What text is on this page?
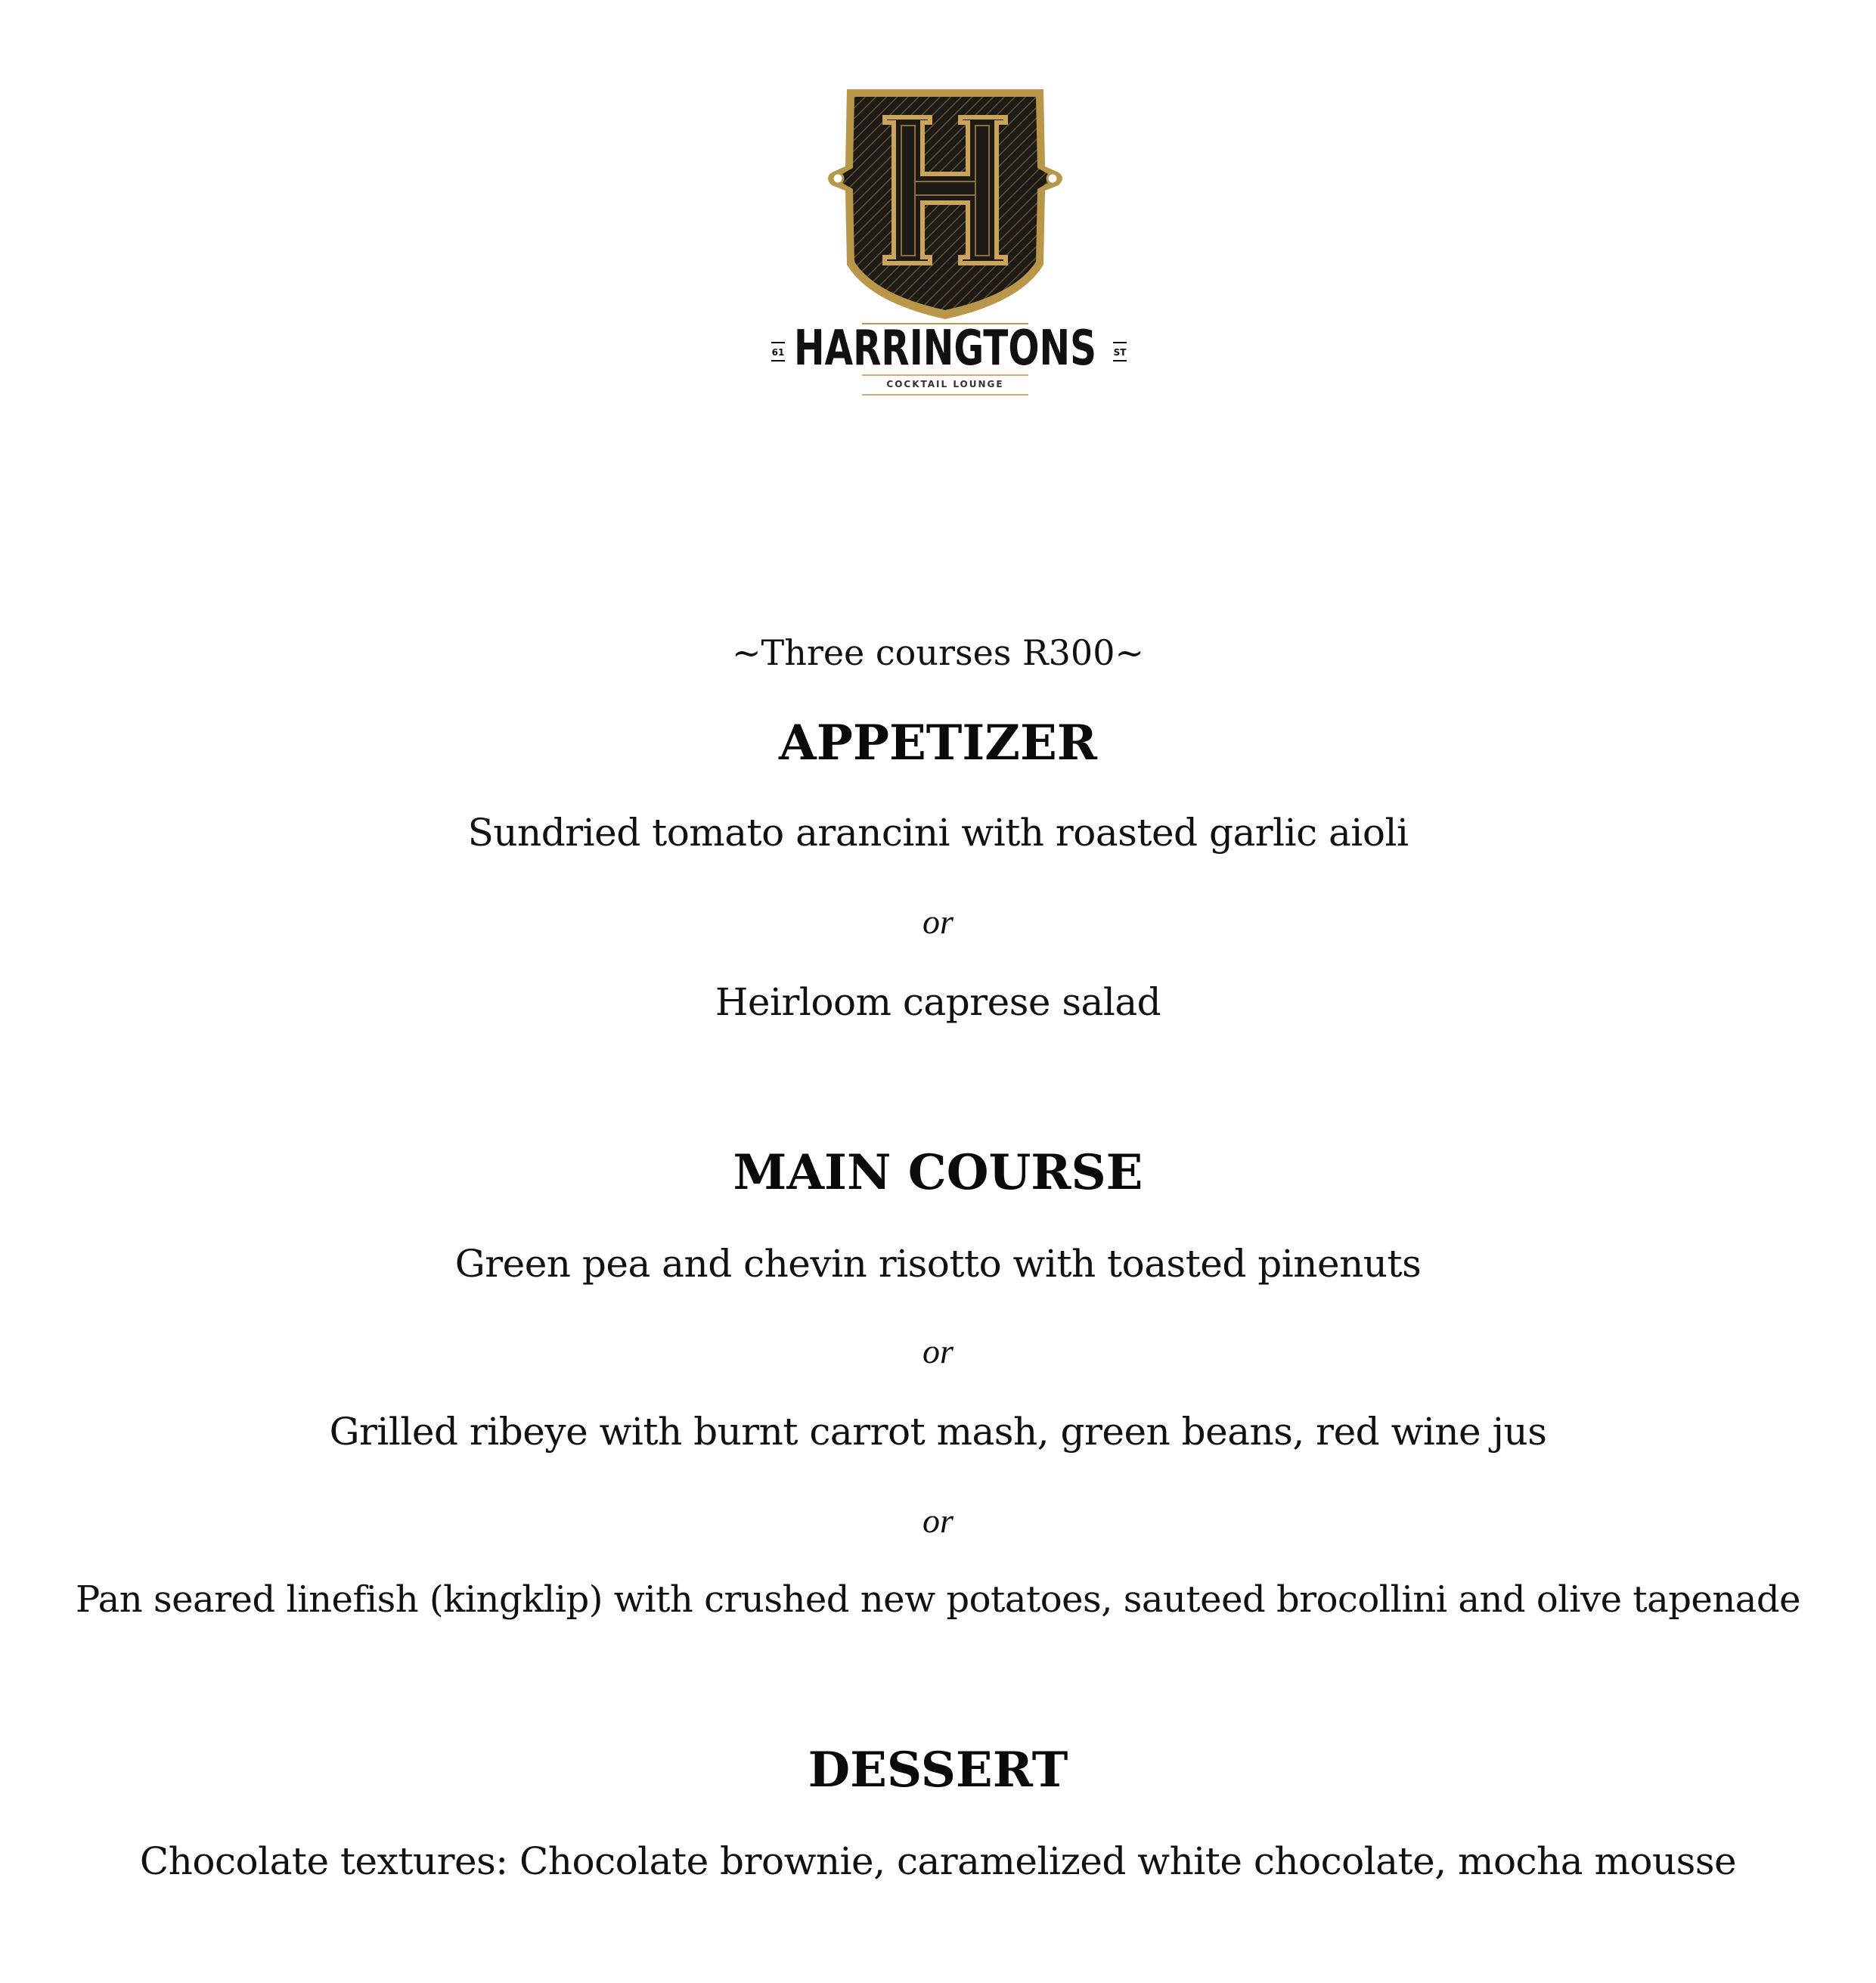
HARRINGTONS
61	ST
COCKTAIL LOUNGE
~Three courses R300~
APPETIZER
Sundried tomato arancini with roasted garlic aioli
or
Heirloom caprese salad
MAIN COURSE
Green pea and chevin risotto with toasted pinenuts
or
Grilled ribeye with burnt carrot mash, green beans, red wine jus
or
Pan seared linefish (kingklip) with crushed new potatoes, sauteed brocollini and olive tapenade
DESSERT
Chocolate textures: Chocolate brownie, caramelized white chocolate, mocha mousse
